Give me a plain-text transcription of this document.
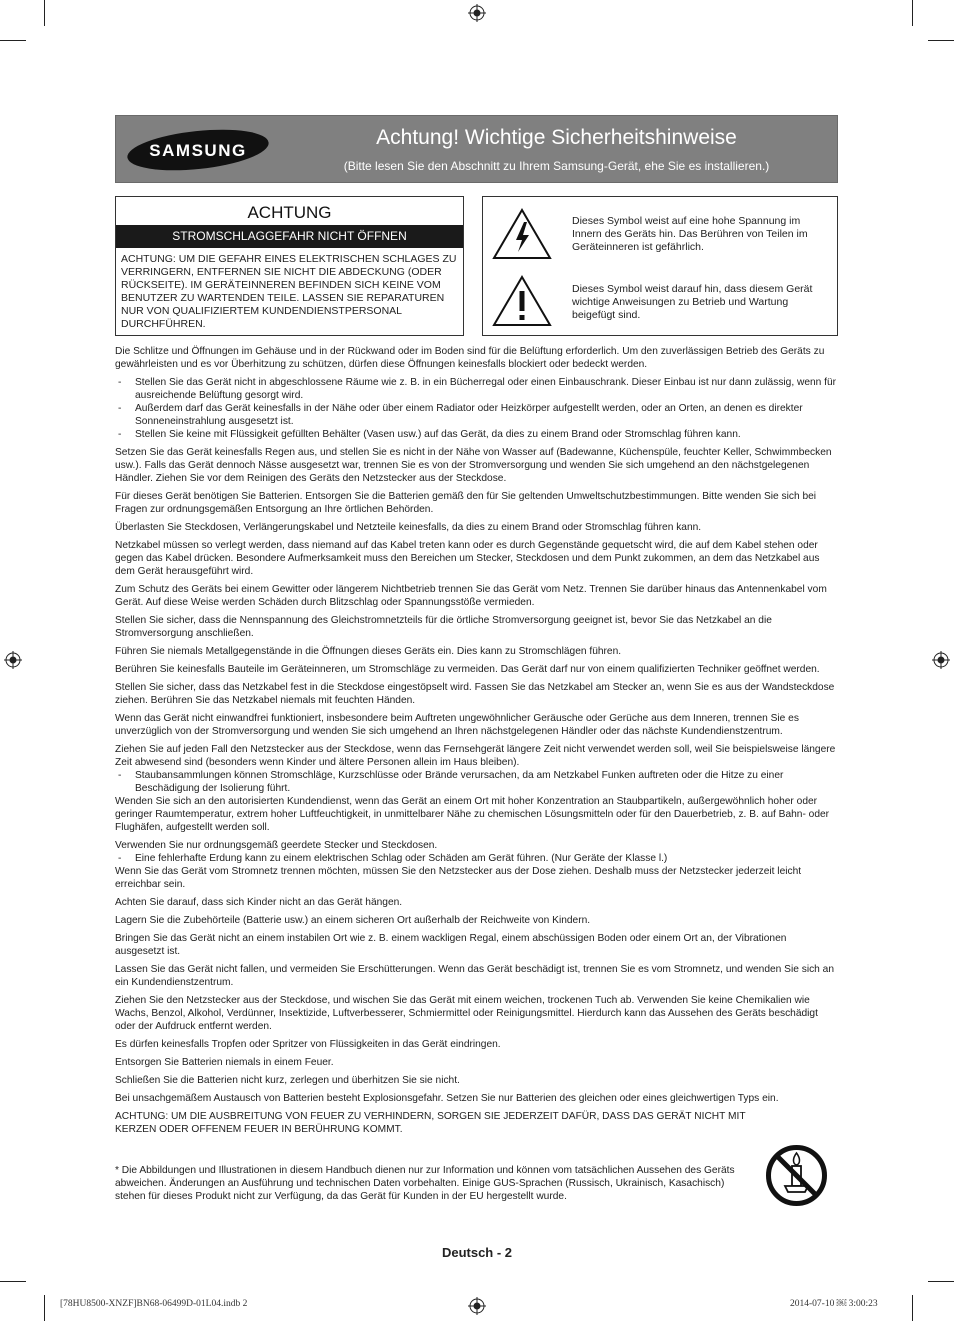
SAMSUNG
Achtung! Wichtige Sicherheitshinweise
(Bitte lesen Sie den Abschnitt zu Ihrem Samsung-Gerät, ehe Sie es installieren.)
ACHTUNG
STROMSCHLAGGEFAHR NICHT ÖFFNEN
ACHTUNG: UM DIE GEFAHR EINES ELEKTRISCHEN SCHLAGES ZU VERRINGERN, ENTFERNEN SIE NICHT DIE ABDECKUNG (ODER RÜCKSEITE). IM GERÄTEINNEREN BEFINDEN SICH KEINE VOM BENUTZER ZU WARTENDEN TEILE. LASSEN SIE REPARATUREN NUR VON QUALIFIZIERTEM KUNDENDIENSTPERSONAL DURCHFÜHREN.
Dieses Symbol weist auf eine hohe Spannung im Innern des Geräts hin. Das Berühren von Teilen im Geräteinneren ist gefährlich.
Dieses Symbol weist darauf hin, dass diesem Gerät wichtige Anweisungen zu Betrieb und Wartung beigefügt sind.

Die Schlitze und Öffnungen im Gehäuse und in der Rückwand oder im Boden sind für die Belüftung erforderlich. Um den zuverlässigen Betrieb des Geräts zu gewährleisten und es vor Überhitzung zu schützen, dürfen diese Öffnungen keinesfalls blockiert oder bedeckt werden.

- Stellen Sie das Gerät nicht in abgeschlossene Räume wie z. B. in ein Bücherregal oder einen Einbauschrank. Dieser Einbau ist nur dann zulässig, wenn für ausreichende Belüftung gesorgt wird.

- Außerdem darf das Gerät keinesfalls in der Nähe oder über einem Radiator oder Heizkörper aufgestellt werden, oder an Orten, an denen es direkter Sonneneinstrahlung ausgesetzt ist.

- Stellen Sie keine mit Flüssigkeit gefüllten Behälter (Vasen usw.) auf das Gerät, da dies zu einem Brand oder Stromschlag führen kann.

Setzen Sie das Gerät keinesfalls Regen aus, und stellen Sie es nicht in der Nähe von Wasser auf (Badewanne, Küchenspüle, feuchter Keller, Schwimmbecken usw.). Falls das Gerät dennoch Nässe ausgesetzt war, trennen Sie es von der Stromversorgung und wenden Sie sich umgehend an den nächstgelegenen Händler. Ziehen Sie vor dem Reinigen des Geräts den Netzstecker aus der Steckdose.

Für dieses Gerät benötigen Sie Batterien. Entsorgen Sie die Batterien gemäß den für Sie geltenden Umweltschutzbestimmungen. Bitte wenden Sie sich bei Fragen zur ordnungsgemäßen Entsorgung an Ihre örtlichen Behörden.

Überlasten Sie Steckdosen, Verlängerungskabel und Netzteile keinesfalls, da dies zu einem Brand oder Stromschlag führen kann.

Netzkabel müssen so verlegt werden, dass niemand auf das Kabel treten kann oder es durch Gegenstände gequetscht wird, die auf dem Kabel stehen oder gegen das Kabel drücken. Besondere Aufmerksamkeit muss den Bereichen um Stecker, Steckdosen und dem Punkt zukommen, an dem das Netzkabel aus dem Gerät herausgeführt wird.

Zum Schutz des Geräts bei einem Gewitter oder längerem Nichtbetrieb trennen Sie das Gerät vom Netz. Trennen Sie darüber hinaus das Antennenkabel vom Gerät. Auf diese Weise werden Schäden durch Blitzschlag oder Spannungsstöße vermieden.

Stellen Sie sicher, dass die Nennspannung des Gleichstromnetzteils für die örtliche Stromversorgung geeignet ist, bevor Sie das Netzkabel an die Stromversorgung anschließen.

Führen Sie niemals Metallgegenstände in die Öffnungen dieses Geräts ein. Dies kann zu Stromschlägen führen.

Berühren Sie keinesfalls Bauteile im Geräteinneren, um Stromschläge zu vermeiden. Das Gerät darf nur von einem qualifizierten Techniker geöffnet werden.

Stellen Sie sicher, dass das Netzkabel fest in die Steckdose eingestöpselt wird. Fassen Sie das Netzkabel am Stecker an, wenn Sie es aus der Wandsteckdose ziehen. Berühren Sie das Netzkabel niemals mit feuchten Händen.

Wenn das Gerät nicht einwandfrei funktioniert, insbesondere beim Auftreten ungewöhnlicher Geräusche oder Gerüche aus dem Inneren, trennen Sie es unverzüglich von der Stromversorgung und wenden Sie sich umgehend an Ihren nächstgelegenen Händler oder das nächste Kundendienstzentrum.

Ziehen Sie auf jeden Fall den Netzstecker aus der Steckdose, wenn das Fernsehgerät längere Zeit nicht verwendet werden soll, weil Sie beispielsweise längere Zeit abwesend sind (besonders wenn Kinder und ältere Personen allein im Haus bleiben).

- Staubansammlungen können Stromschläge, Kurzschlüsse oder Brände verursachen, da am Netzkabel Funken auftreten oder die Hitze zu einer Beschädigung der Isolierung führt.

Wenden Sie sich an den autorisierten Kundendienst, wenn das Gerät an einem Ort mit hoher Konzentration an Staubpartikeln, außergewöhnlich hoher oder geringer Raumtemperatur, extrem hoher Luftfeuchtigkeit, in unmittelbarer Nähe zu chemischen Lösungsmitteln oder für den Dauerbetrieb, z. B. auf Bahn- oder Flughäfen, aufgestellt werden soll.

Verwenden Sie nur ordnungsgemäß geerdete Stecker und Steckdosen.

- Eine fehlerhafte Erdung kann zu einem elektrischen Schlag oder Schäden am Gerät führen. (Nur Geräte der Klasse l.)

Wenn Sie das Gerät vom Stromnetz trennen möchten, müssen Sie den Netzstecker aus der Dose ziehen. Deshalb muss der Netzstecker jederzeit leicht erreichbar sein.

Achten Sie darauf, dass sich Kinder nicht an das Gerät hängen.

Lagern Sie die Zubehörteile (Batterie usw.) an einem sicheren Ort außerhalb der Reichweite von Kindern.

Bringen Sie das Gerät nicht an einem instabilen Ort wie z. B. einem wackligen Regal, einem abschüssigen Boden oder einem Ort an, der Vibrationen ausgesetzt ist.

Lassen Sie das Gerät nicht fallen, und vermeiden Sie Erschütterungen. Wenn das Gerät beschädigt ist, trennen Sie es vom Stromnetz, und wenden Sie sich an ein Kundendienstzentrum.

Ziehen Sie den Netzstecker aus der Steckdose, und wischen Sie das Gerät mit einem weichen, trockenen Tuch ab. Verwenden Sie keine Chemikalien wie Wachs, Benzol, Alkohol, Verdünner, Insektizide, Luftverbesserer, Schmiermittel oder Reinigungsmittel. Hierdurch kann das Aussehen des Geräts beschädigt oder der Aufdruck entfernt werden.

Es dürfen keinesfalls Tropfen oder Spritzer von Flüssigkeiten in das Gerät eindringen.

Entsorgen Sie Batterien niemals in einem Feuer.

Schließen Sie die Batterien nicht kurz, zerlegen und überhitzen Sie sie nicht.

Bei unsachgemäßem Austausch von Batterien besteht Explosionsgefahr. Setzen Sie nur Batterien des gleichen oder eines gleichwertigen Typs ein.

ACHTUNG: UM DIE AUSBREITUNG VON FEUER ZU VERHINDERN, SORGEN SIE JEDERZEIT DAFÜR, DASS DAS GERÄT NICHT MIT KERZEN ODER OFFENEM FEUER IN BERÜHRUNG KOMMT.

* Die Abbildungen und Illustrationen in diesem Handbuch dienen nur zur Information und können vom tatsächlichen Aussehen des Geräts abweichen. Änderungen an Ausführung und technischen Daten vorbehalten. Einige GUS-Sprachen (Russisch, Ukrainisch, Kasachisch) stehen für dieses Produkt nicht zur Verfügung, da das Gerät für Kunden in der EU hergestellt wurde.
Deutsch - 2
[78HU8500-XNZF]BN68-06499D-01L04.indb 2	2014-07-10 ￼ 3:00:23
